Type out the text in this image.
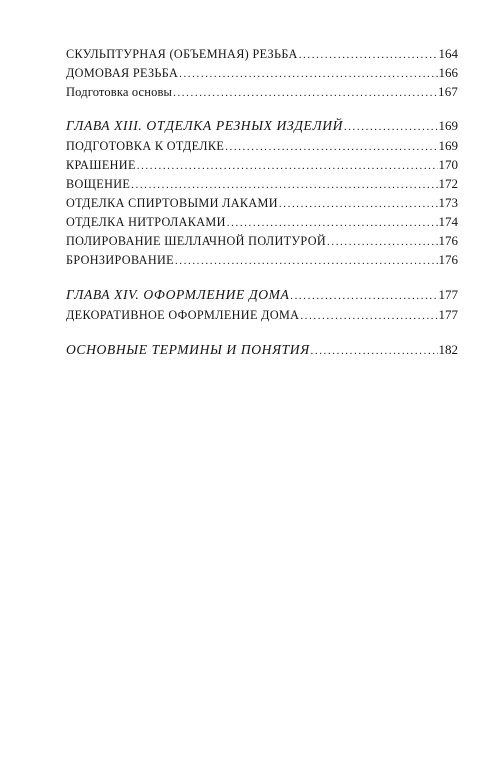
СКУЛЬПТУРНАЯ (ОБЪЕМНАЯ) РЕЗЬБА .....	164
ДОМОВАЯ РЕЗЬБА .....	166
Подготовка основы .....	167
ГЛАВА XIII. ОТДЕЛКА РЕЗНЫХ ИЗДЕЛИЙ .....	169
ПОДГОТОВКА К ОТДЕЛКЕ .....	169
КРАШЕНИЕ .....	170
ВОЩЕНИЕ .....	172
ОТДЕЛКА СПИРТОВЫМИ ЛАКАМИ .....	173
ОТДЕЛКА НИТРОЛАКАМИ .....	174
ПОЛИРОВАНИЕ ШЕЛЛАЧНОЙ ПОЛИТУРОЙ .....	176
БРОНЗИРОВАНИЕ .....	176
ГЛАВА XIV. ОФОРМЛЕНИЕ ДОМА .....	177
ДЕКОРАТИВНОЕ ОФОРМЛЕНИЕ ДОМА .....	177
ОСНОВНЫЕ ТЕРМИНЫ И ПОНЯТИЯ .....	182
